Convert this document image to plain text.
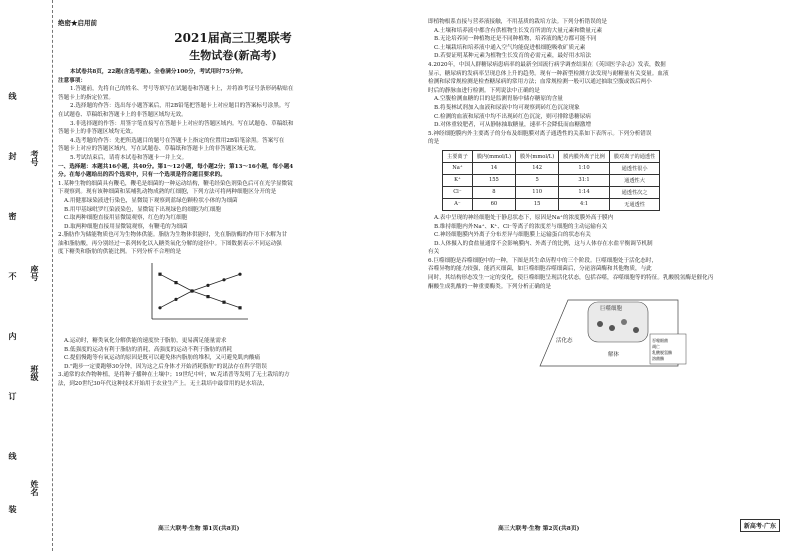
考号
座号
班级
姓名
线
封
密
不
内
订
线
装

绝密★启用前

2021届高三卫冕联考

生物试卷(新高考)

本试卷共8页，22题(含选考题)。全卷满分100分，考试用时75分钟。

注意事项：

1.答题前，先将自己的姓名、考号等填写在试题卷和答题卡上，并将准考证号条形码粘贴在

答题卡上的指定位置。

2.选择题的作答：选出每小题答案后，用2B铅笔把答题卡上对应题目的答案标号涂黑。写

在试题卷、草稿纸和答题卡上的非答题区域均无效。

3.非选择题的作答：用签字笔直接写在答题卡上对应的答题区域内。写在试题卷、草稿纸和

答题卡上的非答题区域均无效。

4.选考题的作答：先把所选题目的题号在答题卡上指定的位置用2B铅笔涂黑。答案写在

答题卡上对应的答题区域内，写在试题卷、草稿纸和答题卡上的非答题区域无效。

5.考试结束后，请将本试卷和答题卡一并上交。

一、选择题：本题共16小题，共40分。第1～12小题，每小题2分；第13～16小题，每小题4

分。在每小题给出的四个选项中，只有一个选项是符合题目要求的。

1.某种生物的细菌具有鞭毛，鞭毛是细菌的一种运动结构，鞭毛经染色剂染色后可在光学显微镜

下观察到。现有该种细菌和某哺乳动物成熟的红细胞，下列方法可将两种细胞区分开的是

A.用健那绿染液进行染色，显微镜下观察到蓝绿色颗粒状小体的为细菌

B.用甲基绿吡罗红染液染色，显微镜下出现绿色的细胞为红细胞

C.取两种细胞直接用显微镜观察，红色的为红细胞

D.取两种细胞直接用显微镜观察，有鞭毛的为细菌

2.脂肪作为储能物质也可为生物体供能。脂肪为生物体供能时，先在脂肪酶的作用下水解为甘

油和脂肪酸，再分别经过一系列转化以入糖类氧化分解的途径中。下图数据表示不同运动强

度下糖类和脂肪的供能比例。下列分析不合理的是

A.运动时，糖类氧化分解供能的速度快于脂肪，更易满足能量需求

B.低强度的运动有利于脂肪的消耗，高强度的运动不利于脂肪的消耗

C.提倡慢跑等有氧运动的原因是既可以避免体内脂肪的堆积，又可避免肌肉酸痛

D."跑步一定要跑够30分钟，因为这之后身体才开始消耗脂肪"的说法存在科学错误

3.通常的农作物种植，是将种子播种在土壤中；19世纪中叶，W.克诺普等发明了无土栽培的方

法，到20世纪30年代这种技术开始用于农业生产上。无土栽培中最常用的是水培法，

高三大联考·生物 第1页(共8页)

即植物根系直接与营养液接触，不用基质的栽培方法。下列分析错误的是

A.土壤和培养液中都含有供植物生长发育所需的大量元素和微量元素

B.无论培养同一种植物还是不同种植物，培养液的配方都可能不同

C.土壤栽培和培养液中通入空气均能促进根细胞吸收矿质元素

D.若要证明某种元素为植物生长发育的必需元素，最好用水培法

4.2020年，中国人群糖尿病患病率的最新全国流行病学调查结果在《英国医学杂志》发表，数据

显示，糖尿病的发病率呈现总体上升的趋势。现有一种新型检测方法发现与耐糖量有关变量。血液

检测和尿常规检测是检查糖尿病的常用方法；血常规检测一般可以通过抽取空腹或饭后两小

时后的静脉血进行检测。下列说法中正确的是

A.空腹检测血糖的目的是监测胃肠中储存糖原的含量

B.将斐林试剂加入血液和尿液中均可观察到砖红色沉淀现象

C.检测的血液和尿液中均不出现砖红色沉淀，则可排除患糖尿病

D.对体重较肥者，可从静脉抽取糖量，速率不会降低而血糖激增

5.神经细胞膜内外主要离子的分布及细胞膜对离子通透性的关系如下表所示。下列分析错误

的是

主要离子	膜内(mmol/L)	膜外(mmol/L)	膜内膜外离子比例	膜对离子的通透性
Na⁺	14	142	1∶10	通透性很小
K⁺	155	5	31∶1	通透性大
Cl⁻	8	110	1∶14	通透性次之
A⁻	60	15	4∶1	无通透性

A.表中呈现的神经细胞处于静息状态下，原因是Na⁺的浓度膜外高于膜内

B.维持细胞内外Na⁺、K⁺、Cl⁻等离子的浓度差与细胞的主动运输有关

C.神经细胞膜内外离子分布差异与细胞膜上运输蛋白的状态有关

D.人体摄入的食盐量通常不会影响膜内、外离子的比例，这与人体存在水盐平衡调节机制

有关

6.巨噬细胞是吞噬细胞中的一种，下图是其生命历程中的三个阶段。巨噬细胞处于活化态时，

吞噬异物的能力较强，能消灭细菌，如巨噬细胞吞噬细菌后，分泌溶菌酶和其他物质，与此

同时，其结构形态发生一定的变化，使巨噬细胞呈现活化状态，包括吞噬，吞噬细胞等的特征。乳酸脱氢酶是催化丙

酮酸生成乳酸的一种重要酶类。下列分析正确的是

巨噬细胞
活化态
解体
吞噬细菌
凋亡
乳酸脱氢酶
溶菌酶
高三大联考·生物 第2页(共8页)	新高考·广东
